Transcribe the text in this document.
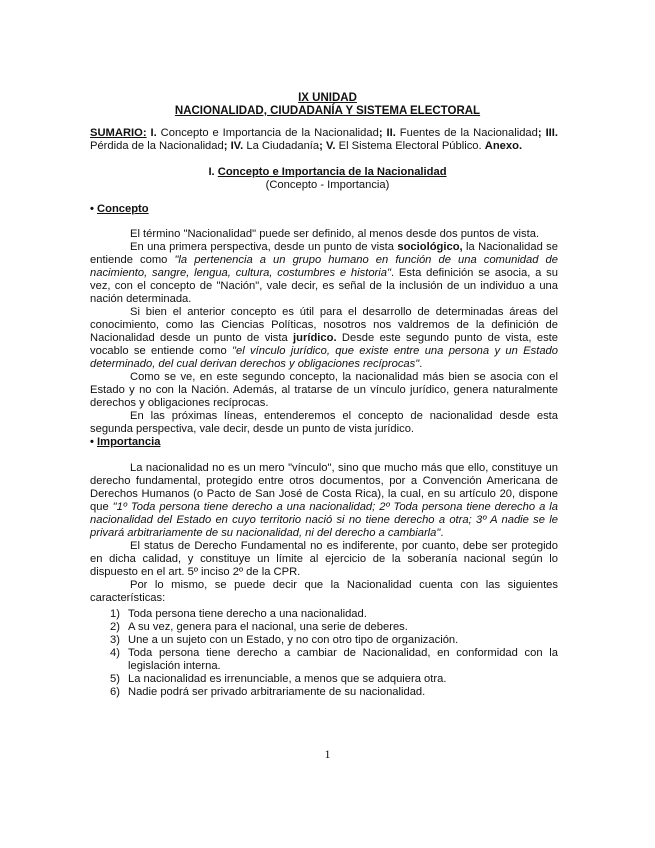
IX UNIDAD
NACIONALIDAD, CIUDADANÍA Y SISTEMA ELECTORAL

SUMARIO: I. Concepto e Importancia de la Nacionalidad; II. Fuentes de la Nacionalidad; III. Pérdida de la Nacionalidad; IV. La Ciudadanía; V. El Sistema Electoral Público. Anexo.

I. Concepto e Importancia de la Nacionalidad
(Concepto - Importancia)
• Concepto

El término "Nacionalidad" puede ser definido, al menos desde dos puntos de vista.

En una primera perspectiva, desde un punto de vista sociológico, la Nacionalidad se entiende como "la pertenencia a un grupo humano en función de una comunidad de nacimiento, sangre, lengua, cultura, costumbres e historia". Esta definición se asocia, a su vez, con el concepto de "Nación", vale decir, es señal de la inclusión de un individuo a una nación determinada.

Si bien el anterior concepto es útil para el desarrollo de determinadas áreas del conocimiento, como las Ciencias Políticas, nosotros nos valdremos de la definición de Nacionalidad desde un punto de vista jurídico. Desde este segundo punto de vista, este vocablo se entiende como "el vínculo jurídico, que existe entre una persona y un Estado determinado, del cual derivan derechos y obligaciones recíprocas".

Como se ve, en este segundo concepto, la nacionalidad más bien se asocia con el Estado y no con la Nación. Además, al tratarse de un vínculo jurídico, genera naturalmente derechos y obligaciones recíprocas.

En las próximas líneas, entenderemos el concepto de nacionalidad desde esta segunda perspectiva, vale decir, desde un punto de vista jurídico.

• Importancia

La nacionalidad no es un mero "vínculo", sino que mucho más que ello, constituye un derecho fundamental, protegido entre otros documentos, por a Convención Americana de Derechos Humanos (o Pacto de San José de Costa Rica), la cual, en su artículo 20, dispone que "1º Toda persona tiene derecho a una nacionalidad; 2º Toda persona tiene derecho a la nacionalidad del Estado en cuyo territorio nació si no tiene derecho a otra; 3º A nadie se le privará arbitrariamente de su nacionalidad, ni del derecho a cambiarla".

El status de Derecho Fundamental no es indiferente, por cuanto, debe ser protegido en dicha calidad, y constituye un límite al ejercicio de la soberanía nacional según lo dispuesto en el art. 5º inciso 2º de la CPR.

Por lo mismo, se puede decir que la Nacionalidad cuenta con las siguientes características:

1) Toda persona tiene derecho a una nacionalidad.
2) A su vez, genera para el nacional, una serie de deberes.
3) Une a un sujeto con un Estado, y no con otro tipo de organización.
4) Toda persona tiene derecho a cambiar de Nacionalidad, en conformidad con la legislación interna.
5) La nacionalidad es irrenunciable, a menos que se adquiera otra.
6) Nadie podrá ser privado arbitrariamente de su nacionalidad.
1
